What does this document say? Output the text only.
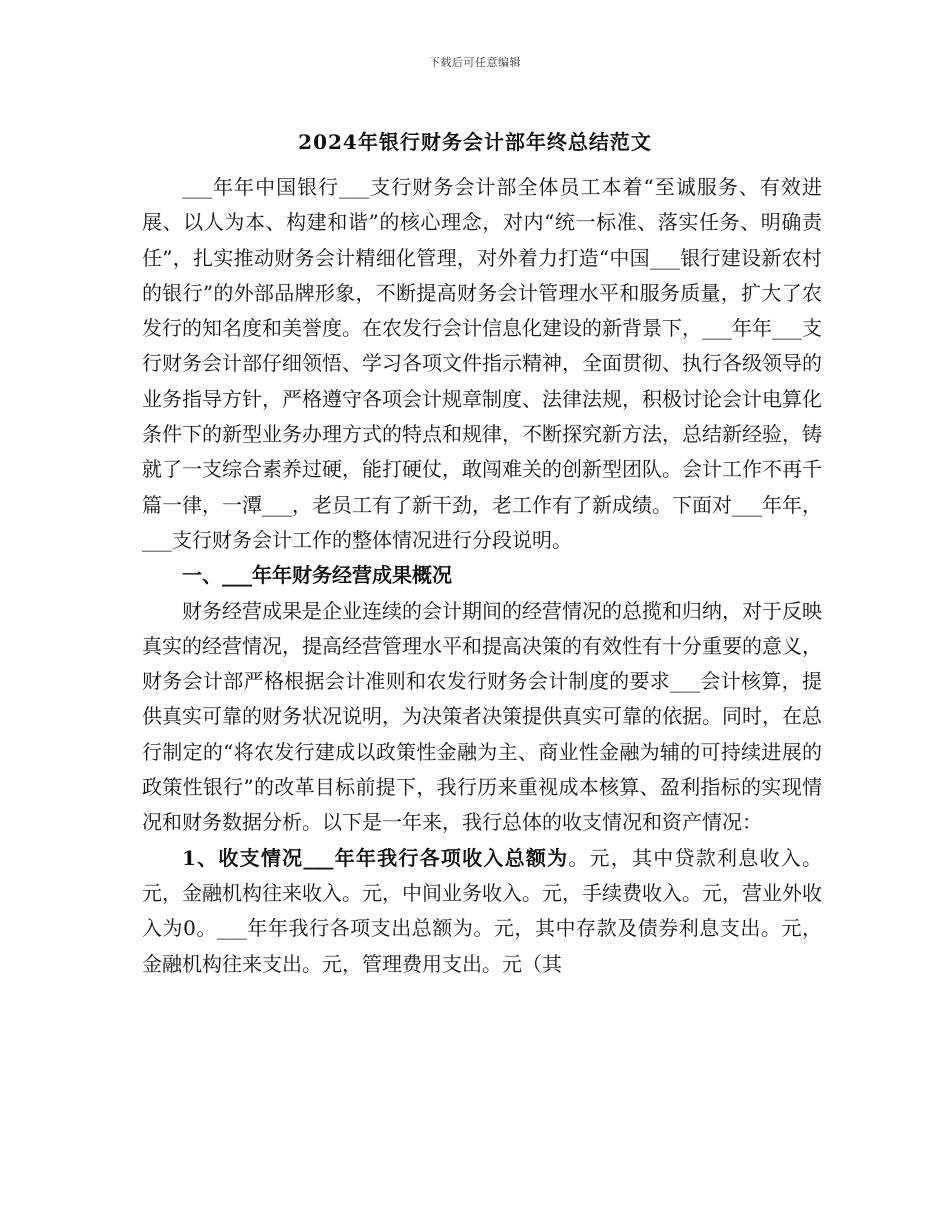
下载后可任意编辑
2024年银行财务会计部年终总结范文

___年年中国银行___支行财务会计部全体员工本着“至诚服务、有效进展、以人为本、构建和谐”的核心理念，对内“统一标准、落实任务、明确责任”，扎实推动财务会计精细化管理，对外着力打造“中国___银行建设新农村的银行”的外部品牌形象，不断提高财务会计管理水平和服务质量，扩大了农发行的知名度和美誉度。在农发行会计信息化建设的新背景下，___年年___支行财务会计部仔细领悟、学习各项文件指示精神，全面贯彻、执行各级领导的业务指导方针，严格遵守各项会计规章制度、法律法规，积极讨论会计电算化条件下的新型业务办理方式的特点和规律，不断探究新方法，总结新经验，铸就了一支综合素养过硬，能打硬仗，敢闯难关的创新型团队。会计工作不再千篇一律，一潭___，老员工有了新干劲，老工作有了新成绩。下面对___年年，___支行财务会计工作的整体情况进行分段说明。

一、___年年财务经营成果概况

财务经营成果是企业连续的会计期间的经营情况的总揽和归纳，对于反映真实的经营情况，提高经营管理水平和提高决策的有效性有十分重要的意义，财务会计部严格根据会计准则和农发行财务会计制度的要求___会计核算，提供真实可靠的财务状况说明，为决策者决策提供真实可靠的依据。同时，在总行制定的“将农发行建成以政策性金融为主、商业性金融为辅的可持续进展的政策性银行”的改革目标前提下，我行历来重视成本核算、盈利指标的实现情况和财务数据分析。以下是一年来，我行总体的收支情况和资产情况：

1、收支情况___年年我行各项收入总额为。元，其中贷款利息收入。元，金融机构往来收入。元，中间业务收入。元，手续费收入。元，营业外收入为0。___年年我行各项支出总额为。元，其中存款及债券利息支出。元，金融机构往来支出。元，管理费用支出。元（其
